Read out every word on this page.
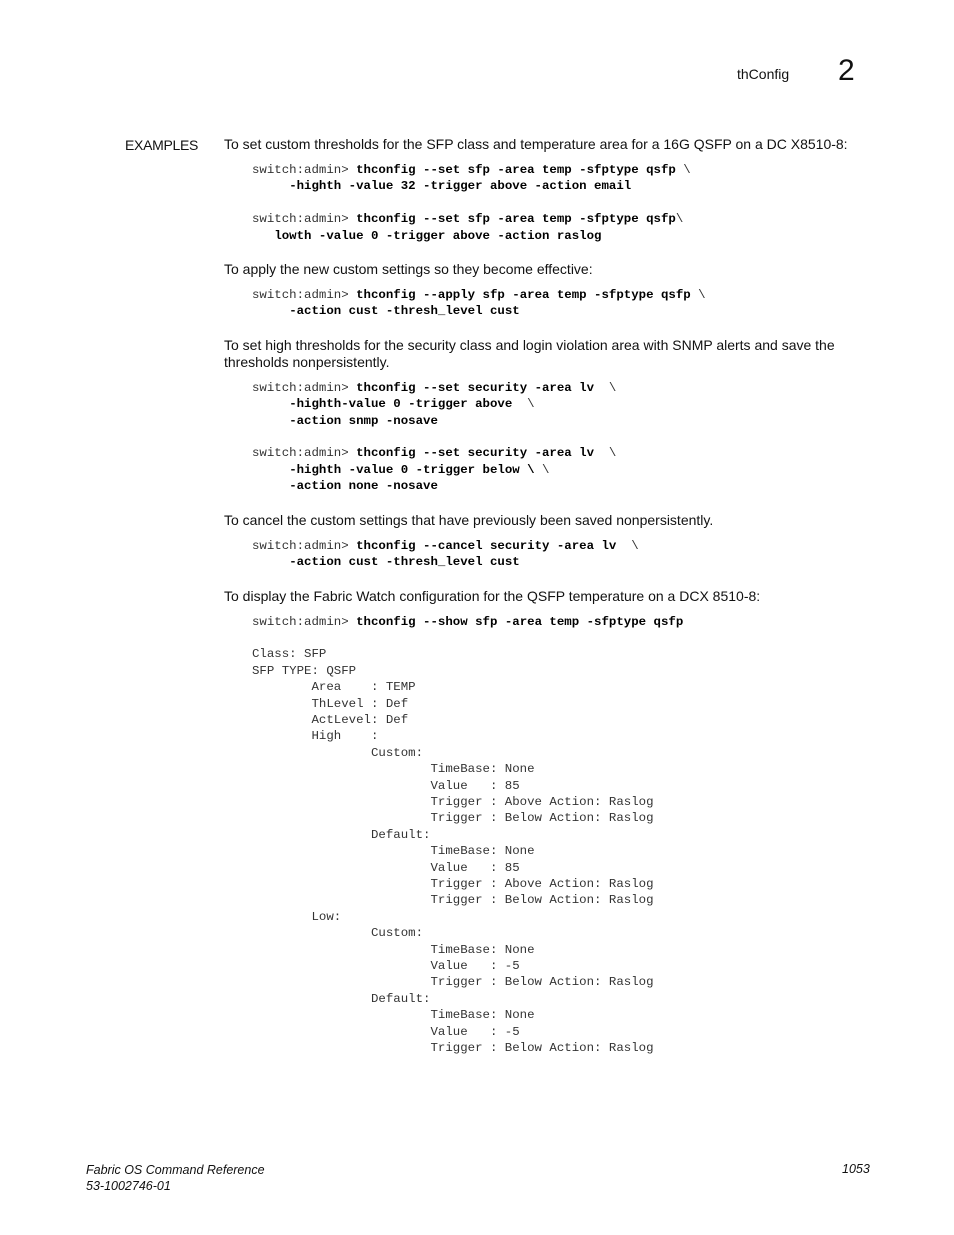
thConfig 2
EXAMPLES To set custom thresholds for the SFP class and temperature area for a 16G QSFP on a DC X8510-8:

switch:admin> thconfig --set sfp -area temp -sfptype qsfp \
-highth -value 32 -trigger above -action email

switch:admin> thconfig --set sfp -area temp -sfptype qsfp\
lowth -value 0 -trigger above -action raslog

To apply the new custom settings so they become effective:

switch:admin> thconfig --apply sfp -area temp -sfptype qsfp \
-action cust -thresh_level cust

To set high thresholds for the security class and login violation area with SNMP alerts and save the thresholds nonpersistently.

switch:admin> thconfig --set security -area lv  \
-highth-value 0 -trigger above  \
-action snmp -nosave

switch:admin> thconfig --set security -area lv  \
-highth -value 0 -trigger below \ \
-action none -nosave

To cancel the custom settings that have previously been saved nonpersistently.

switch:admin> thconfig --cancel security -area lv  \
-action cust -thresh_level cust

To display the Fabric Watch configuration for the QSFP temperature on a DCX 8510-8:

switch:admin> thconfig --show sfp -area temp -sfptype qsfp

Class: SFP
SFP TYPE: QSFP
Area    : TEMP
ThLevel : Def
ActLevel: Def
High    :
Custom:
TimeBase: None
Value   : 85
Trigger : Above Action: Raslog
Trigger : Below Action: Raslog
Default:
TimeBase: None
Value   : 85
Trigger : Above Action: Raslog
Trigger : Below Action: Raslog
Low:
Custom:
TimeBase: None
Value   : -5
Trigger : Below Action: Raslog
Default:
TimeBase: None
Value   : -5
Trigger : Below Action: Raslog
Fabric OS Command Reference
53-1002746-01
1053
